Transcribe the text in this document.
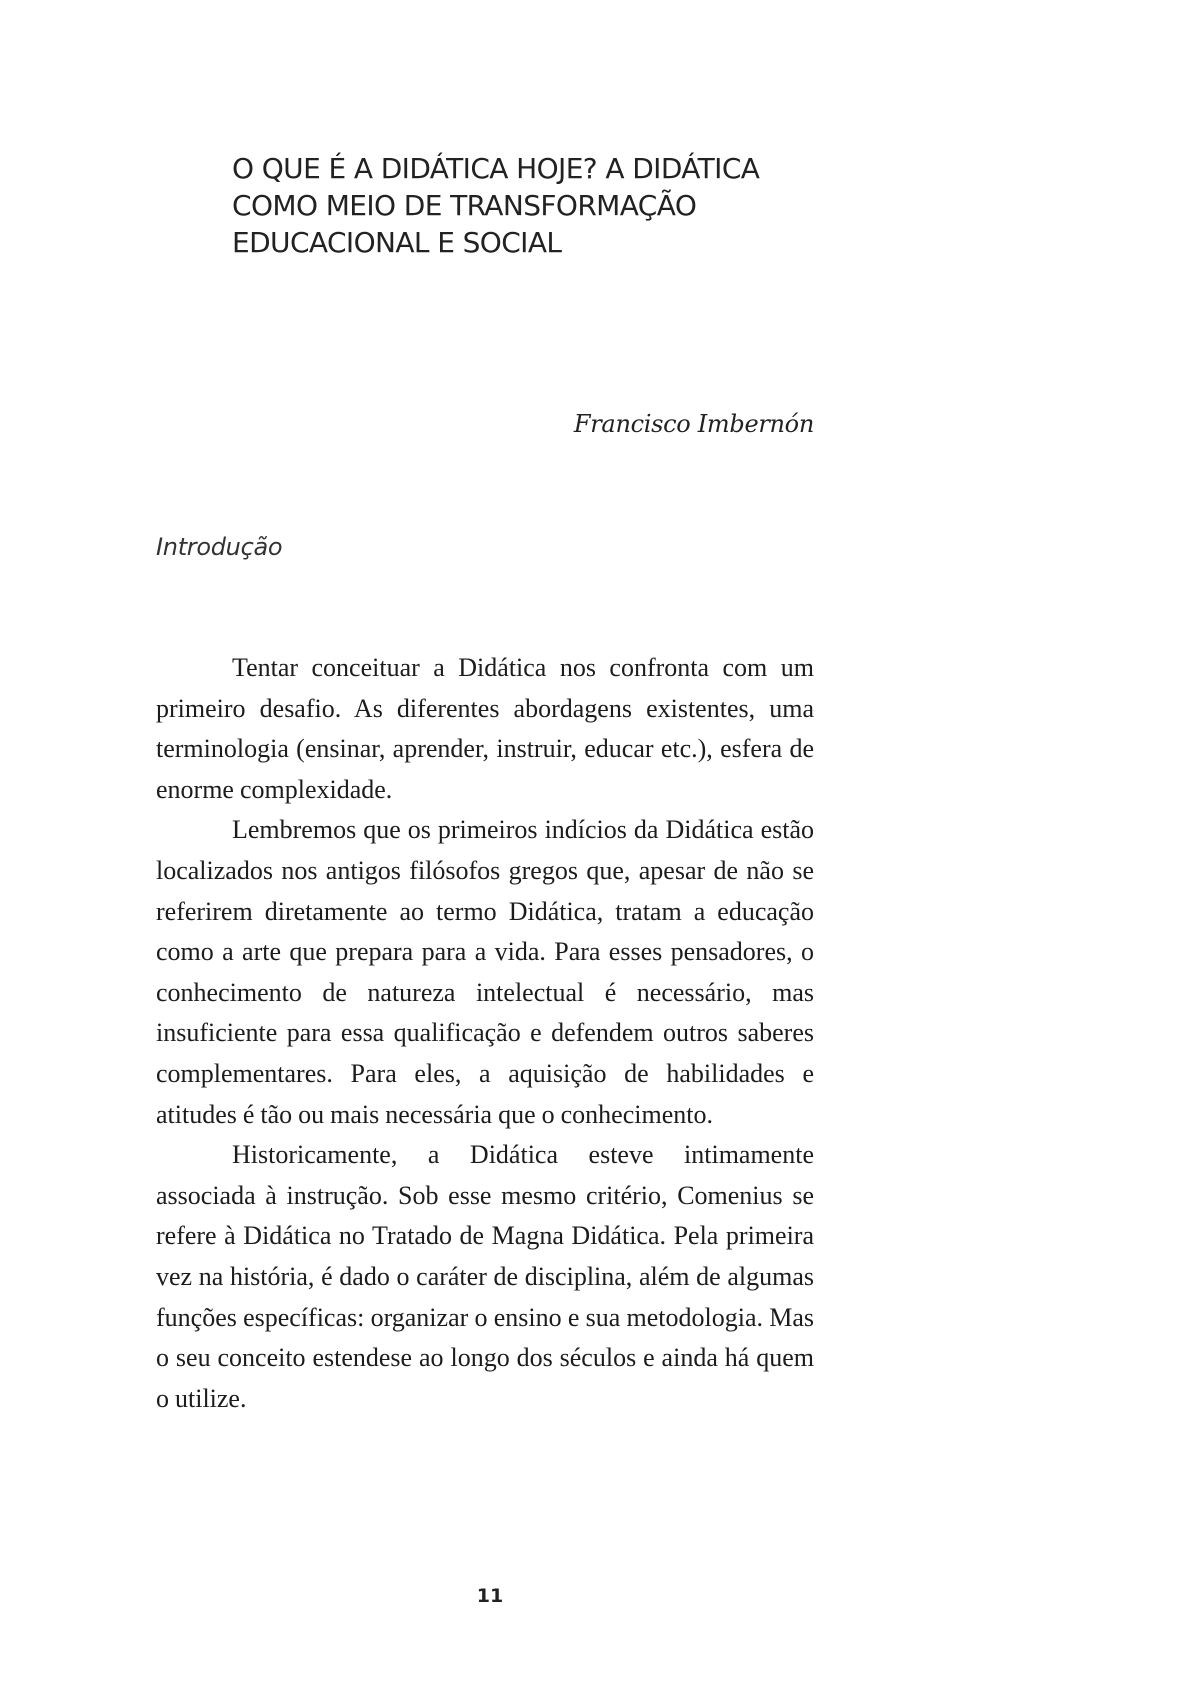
O QUE É A DIDÁTICA HOJE? A DIDÁTICA
COMO MEIO DE TRANSFORMAÇÃO
EDUCACIONAL E SOCIAL

Francisco Imbernón

Introdução

Tentar conceituar a Didática nos confronta com um primeiro desafio. As diferentes abordagens existentes, uma terminologia (ensinar, aprender, instruir, educar etc.), esfera de enorme complexidade.

Lembremos que os primeiros indícios da Didática estão localizados nos antigos filósofos gregos que, apesar de não se referirem diretamente ao termo Didática, tratam a educação como a arte que prepara para a vida. Para esses pensadores, o conhecimento de natureza intelectual é necessário, mas insuficiente para essa qualificação e defendem outros saberes complementares. Para eles, a aquisição de habilidades e atitudes é tão ou mais necessária que o conhecimento.

Historicamente, a Didática esteve intimamente associada à instrução. Sob esse mesmo critério, Comenius se refere à Didática no Tratado de Magna Didática. Pela primeira vez na história, é dado o caráter de disciplina, além de algumas funções específicas: organizar o ensino e sua metodologia. Mas o seu conceito estendese ao longo dos séculos e ainda há quem o utilize.

11
